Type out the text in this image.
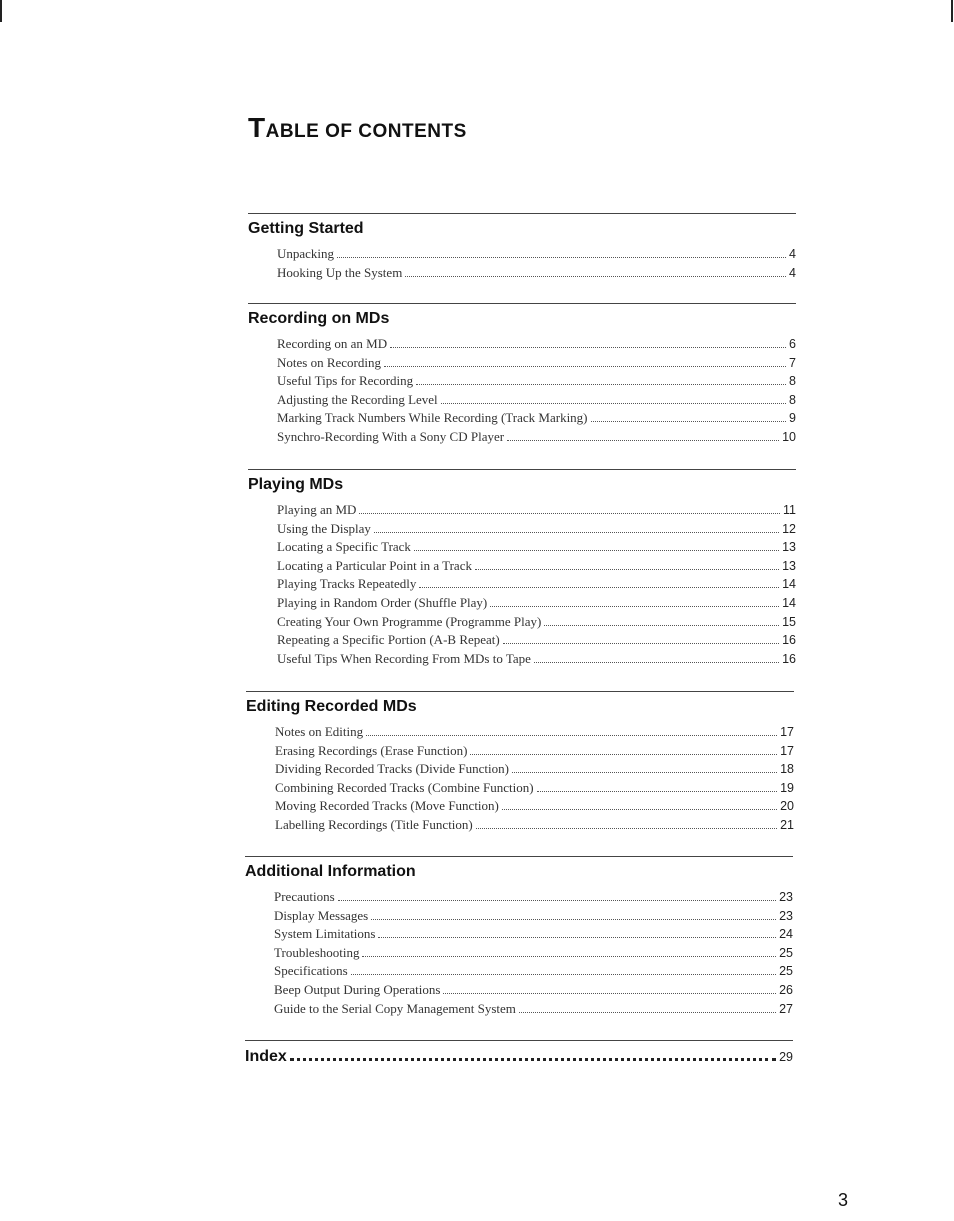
TABLE OF CONTENTS
Getting Started
Unpacking	4
Hooking Up the System	4
Recording on MDs
Recording on an MD	6
Notes on Recording	7
Useful Tips for Recording	8
Adjusting the Recording Level	8
Marking Track Numbers While Recording (Track Marking)	9
Synchro-Recording With a Sony CD Player	10
Playing MDs
Playing an MD	11
Using the Display	12
Locating a Specific Track	13
Locating a Particular Point in a Track	13
Playing Tracks Repeatedly	14
Playing in Random Order (Shuffle Play)	14
Creating Your Own Programme (Programme Play)	15
Repeating a Specific Portion (A-B Repeat)	16
Useful Tips When Recording From MDs to Tape	16
Editing Recorded MDs
Notes on Editing	17
Erasing Recordings (Erase Function)	17
Dividing Recorded Tracks (Divide Function)	18
Combining Recorded Tracks (Combine Function)	19
Moving Recorded Tracks (Move Function)	20
Labelling Recordings (Title Function)	21
Additional Information
Precautions	23
Display Messages	23
System Limitations	24
Troubleshooting	25
Specifications	25
Beep Output During Operations	26
Guide to the Serial Copy Management System	27
Index	29
3
